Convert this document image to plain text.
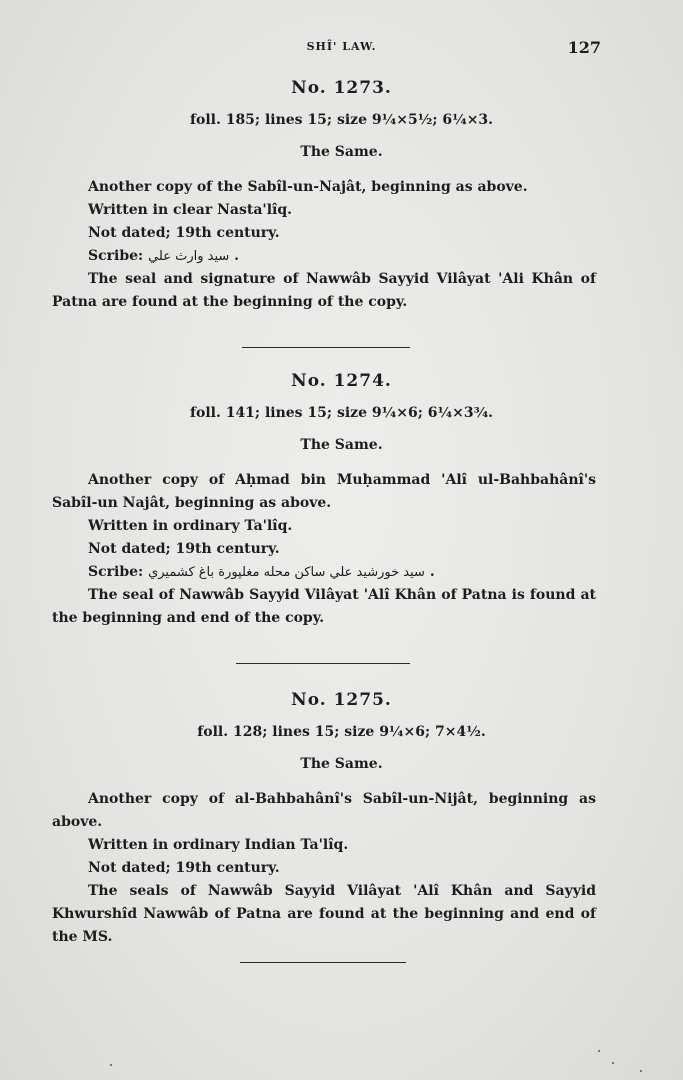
SHÎ' LAW.	127
No. 1273.
foll. 185; lines 15; size 9¼×5½; 6¼×3.
The Same.
Another copy of the Sabîl-un-Najât, beginning as above.
Written in clear Nasta'lîq.
Not dated; 19th century.
Scribe: سید وارث علي .
The seal and signature of Nawwâb Sayyid Vilâyat 'Ali Khân of Patna are found at the beginning of the copy.
No. 1274.
foll. 141; lines 15; size 9¼×6; 6¼×3¾.
The Same.
Another copy of Aḥmad bin Muḥammad 'Alî ul-Bahbahânî's Sabîl-un Najât, beginning as above.
Written in ordinary Ta'lîq.
Not dated; 19th century.
Scribe: سید خورشید علي ساکن محله مغلپورة باغ کشمیري .
The seal of Nawwâb Sayyid Vilâyat 'Alî Khân of Patna is found at the beginning and end of the copy.
No. 1275.
foll. 128; lines 15; size 9¼×6; 7×4½.
The Same.
Another copy of al-Bahbahânî's Sabîl-un-Nijât, beginning as above.
Written in ordinary Indian Ta'lîq.
Not dated; 19th century.
The seals of Nawwâb Sayyid Vilâyat 'Alî Khân and Sayyid Khwurshîd Nawwâb of Patna are found at the beginning and end of the MS.
